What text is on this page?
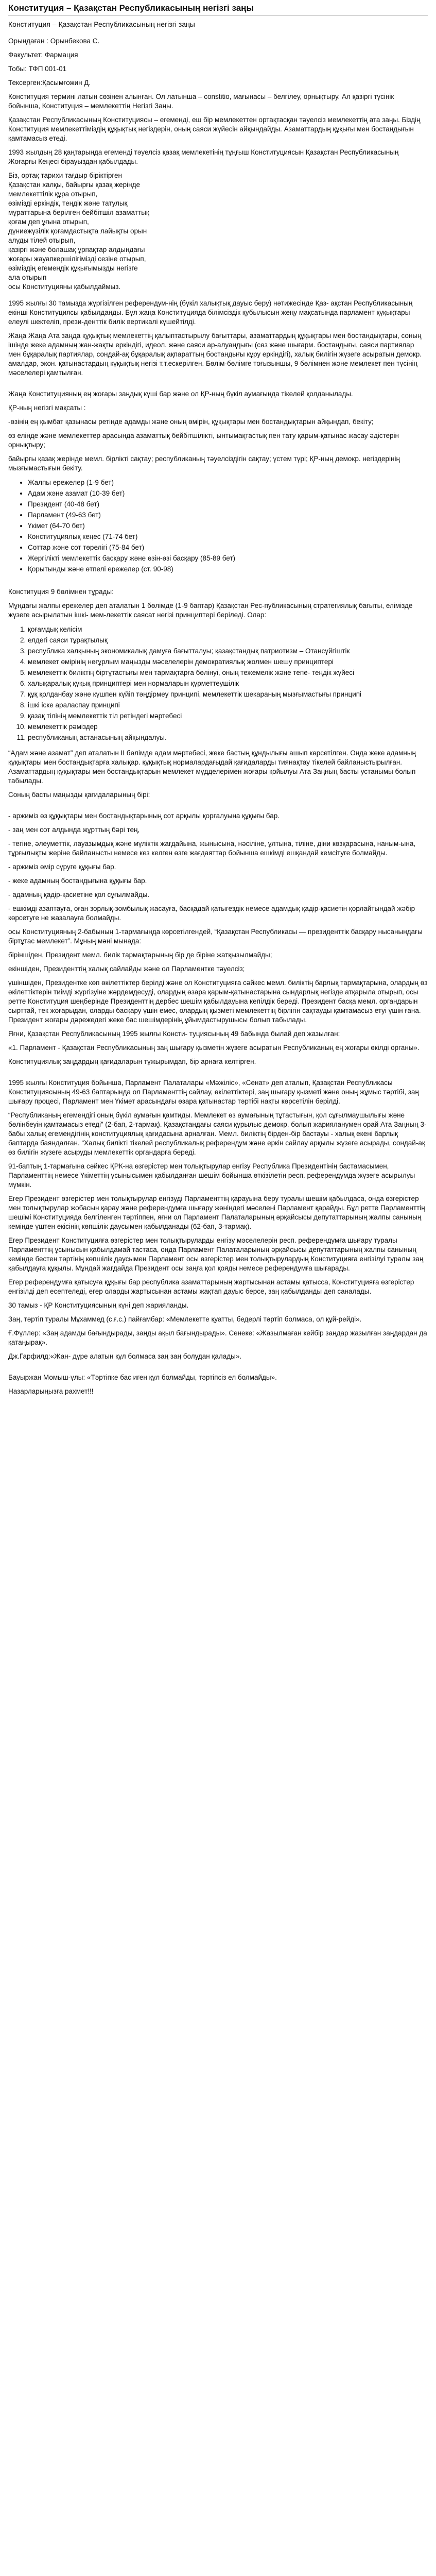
Конституция – Қазақстан Республикасының негізгі заңы
Конституция – Қазақстан Республикасының негізгі заңы

Орындаған : Орынбекова С.

Факультет: Фармация

Тобы: ТФП 001-01

Тексерген:Қасымғожин Д.

Конституция термині латын сөзінен алынған. Ол латынша – constitio, мағынасы – белгілеу, орнықтыру. Ал қазіргі түсінік бойынша, Конституция – мемлекеттің Негізгі Заңы.

Қазақстан Республикасының Конституциясы – егемендi, еш бiр мемлекеттен ортақтасқан тәуелсiз мемлекеттiң ата заңы. Бiздiң Конституция мемлекеттiмiздiң құқықтық негiздерiн, оның саяси жүйесiн айқындайды. Азаматтардың құқығы мен бостандығын қамтамасыз етедi.

1993 жылдың 28 қаңтарында егеменді тәуелсіз қазақ мемлекетінің тұңғыш Конституциясын Қазақстан Республикасының Жоғарғы Кеңесі бірауыздан қабылдады.

Біз, ортақ тарихи тағдыр біріктірген

Қазақстан халқы, байырғы қазақ жерінде

мемлекеттілік құра отырып,

өзімізді еркіндік, теңдік және татулық

мұраттарына берілген бейбітшіл азаматтық

қоғам деп ұғына отырып,

дүниежүзілік қоғамдастықта лайықты орын

алуды тілей отырып,

қазіргі және болашақ ұрпақтар алдындағы

жоғары жауапкершілігімізді сезіне отырып,

өзіміздің егемендік құқығымызды негізге

ала отырып

осы Конституцияны қабылдаймыз.

1995 жылғы 30 тамызда жүргізілген референдум-нің (бүкіл халықтық дауыс беру) нәтижесінде Қаз- ақстан Республикасының екінші Конституциясы қабылданды. Бұл жаңа Конституцияда білімсіздік қубылысын жеңу мақсатында парламент құқықтары елеулі шектеліп, прези-денттік билік вертикалі күшейтілді.

Жаңа Жаңа Ата заңда құқықтық мемлекеттің қалыптастырылу бағыттары, азаматтардың құқықтары мен бостандықтары, соның ішінде жеке адамның жан-жақты еркіндігі, идеол. және саяси ар-алуандығы (сөз және шығарм. бостандығы, саяси партиялар мен бұқаралық партиялар, сондай-ақ бұқаралық ақпараттың бостандығы кұру еркіндігі), халық билігін жүзеге асыратын демокр. амалдар, экон. қатынастардың кұқықтық негізі т.т.ескерілген. Бөлім-бөлімге тоғызыншы, 9 бөлімнен және мемлекет пен түсінің мәселелері қамтылған.

Жаңа Конституцияның ең жоғары заңдық күші бар және ол ҚР-ның бүкіл аумағында тікелей қолданылады.

ҚР-ның негізгі мақсаты :

-өзінің ең қымбат қазынасы ретінде адамды және оның өмірін, құқықтары мен бостандықтарын айқындап, бекіту;

өз елінде және мемлекеттер арасында азаматтық бейбітшілікті, ынтымақтастық пен тату қарым-қатынас жасау әдістерін орнықтыру;

байырғы қазақ жерінде мемл. бірлікті сақтау; республиканың тәуелсіздігін сақтау; үстем түрі; ҚР-ның демокр. негіздерінің мызғымастығын бекіту.

• Жалпы ережелер (1-9 бет)
• Адам және азамат (10-39 бет)
• Президент (40-48 бет)
• Парламент (49-63 бет)
• Үкімет (64-70 бет)
• Конституциялық кеңес (71-74 бет)
• Соттар және сот төрелігі (75-84 бет)
• Жергілікті мемлекеттік басқару және өзін-өзі басқару (85-89 бет)
• Қорытынды және өтпелі ережелер (ст. 90-98)

Конституция 9 бөлімнен тұрады:

Мұндағы жалпы ережелер деп аталатын 1 бөлімде (1-9 баптар) Қазақстан Рес-публикасының стратегиялық бағыты, елімізде жүзеге асырылатын ішкі- мем-лекеттік саясат негізі принциптері беріледі. Олар:

1. қоғамдық келісім
2. елдегі саяси тұрақтылық
3. республика халқының экономикалық дамуға бағытталуы; қазақстандық патриотизм – Отансүйгіштік
4. мемлекет өмірінің неғұрлым маңызды мәселелерін демократиялық жолмен шешу принциптері
5. мемлекеттік биліктің біртұтастығы мен тармақтарға бөлінуі, оның тежемелік және тепе- теңдік жүйесі
6. халықаралық құқық принциптері мен нормаларын құрметтеушілік
7. құқ қолданбау және күшпен күйіп тәңдірмеу принципі, мемлекеттік шекараның мызғымастығы принципі
8. ішкі іске араласпау принципі
9. қазақ тілінің мемлекеттік тіл ретіндегі мәртебесі
10. мемлекеттік рәміздер
11. республиканың астанасының айқындалуы.

“Адам және азамат” деп аталатын II бөлімде адам мәртебесі, жеке бастың құндылығы ашып көрсетілген. Онда жеке адамның құқықтары мен бостандықтарға халықар. құқықтық нормалардағыдай қағидаларды тиянақтау тікелей байланыстырылған. Азаматтардың құқықтары мен бостандықтарын мемлекет мүдделерімен жоғары қойылуы Ата Заңның басты устанымы болып табылады.

Соның басты маңызды қағидаларының бірі:

- аржиміз өз құқықтары мен бостандықтарының сот арқылы қорғалуына құқығы бар.

- заң мен сот алдында жұрттың бәрі тең,

- тегіне, әлеуметтік, лауазымдық және мүліктік жағдайына, жынысына, нәсіліне, ұлтына, тіліне, діни көзқарасына, наным-ына, тұрғылықты жеріне байланысты немесе кез келген өзге жағдаяттар бойынша ешкімді ешқандай кемсітуге болмайды.

- аржиміз өмір сүруге құқығы бар.

- жеке адамның бостандығына құқығы бар.

- адамның қадір-қасиетіне қол сұғылмайды.

- ешкімді азаптауға, оған зорлық-зомбылық жасауға, басқадай қатыгездік немесе адамдық қадір-қасиетін қорлайтындай жәбір көрсетуге не жазалауға болмайды.

осы Конституцияның 2-бабының 1-тармағында көрсетілгендей, “Қазақстан Республикасы — президенттік басқару нысанындағы біртұтас мемлекет”. Мұның мәні мынада:

біріншіден, Президент мемл. билік тармақтарының бір де біріне жатқызылмайды;

екіншіден, Президенттің халық сайлайды және ол Парламентке тәуелсіз;

үшіншіден, Президентке көп өкілеттіктер берілді және ол Конституцияға сәйкес мемл. биліктің барлық тармақтарына, олардың өз өкілеттіктерін тиімді жүргізуіне жәрдемдесуді, олардың өзара қарым-қатынастарына сындарлық негізде атқарыла отырып, осы ретте Конституция шеңберінде Президенттің дербес шешім қабылдауына кепілдік береді. Президент басқа мемл. органдарын сырттай, тек жоғарыдан, оларды басқару үшін емес, олардың қызметі мемлекеттің бірлігін сақтауды қамтамасыз етуі үшін ғана. Президент жоғары дәрежедегі жеке бас шешімдерінің ұйымдастырушысы болып табылады.

Яғни, Қазақстан Республикасының 1995 жылғы Консти- туциясының 49 бабында былай деп жазылған:

«1. Парламент - Қазақстан Республикасының заң шығару қызметін жүзеге асыратын Республиканың ең жоғары өкілді органы».

Конституциялық заңдардың қағидаларын тұжырымдап, бір арнаға келтірген.

1995 жылғы Конституция бойынша, Парламент Палаталары «Мәжіліс», «Сенат» деп аталып, Қазақстан Республикасы Конституциясының 49-63 баптарында ол Парламенттің сайлау, өкілеттіктері, заң шығару қызметі және оның жұмыс тәртібі, заң шығару процесі, Парламент мен Үкімет арасындағы өзара қатынастар тәртібі нақты көрсетілін берілді.

“Республиканың егемендігі оның бүкіл аумағын қамтиды. Мемлекет өз аумағының тұтастығын, қол сұғылмаушылығы және бөлінбеуін қамтамасыз етеді” (2-бап, 2-тармақ). Қазақстандағы саяси құрылыс демокр. болып жарияланумен орай Ата Заңның 3-бабы халық егемендігінің конституциялық қағидасына арналған. Мемл. биліктің бірден-бір бастауы - халық екені барлық баптарда баяндалған. “Халық билікті тікелей республикалық референдум және еркін сайлау арқылы жүзеге асырады, сондай-ақ өз билігін жүзеге асыруды мемлекеттік органдарға береді.

91-баптың 1-тармағына сәйкес ҚРК-на өзгерістер мен толықтырулар енгізу Республика Президентінің бастамасымен, Парламенттің немесе Үкіметтің ұсынысымен қабылданған шешім бойынша өткізілетін респ. референдумда жүзеге асырылуы мүмкін.

Егер Президент өзгерістер мен толықтырулар енгізуді Парламенттің қарауына беру туралы шешім қабылдаса, онда өзгерістер мен толықтырулар жобасын қарау және референдумға шығару жөніндегі мәселені Парламент қарайды. Бұл ретте Парламенттің шешімі Конституцияда белгіленген тәртіппен, яғни ол Парламент Палаталарының әрқайсысы депутаттарының жалпы санының кемінде үштен екісінің көпшілік даусымен қабылданады (62-бап, 3-тармақ).

Егер Президент Конституцияға өзгерістер мен толықтыруларды енгізу мәселелерін респ. референдумға шығару туралы Парламенттің ұсынысын қабылдамай тастаса, онда Парламент Палаталарының әрқайсысы депутаттарының жалпы санының кемінде бестен төртінің көпшілік даусымен Парламент осы өзгерістер мен толықтырулардың Конституцияға енгізілуі туралы заң қабылдауға құқылы. Мұндай жағдайда Президент осы заңға қол қояды немесе референдумға шығарады.

Егер референдумға қатысуға құқығы бар республика азаматтарының жартысынан астамы қатысса, Конституцияға өзгерістер енгізілді деп есептеледі, егер оларды жартысынан астамы жақтап дауыс берсе, заң қабылданды деп саналады.

30 тамыз - ҚР Конституциясының күні деп жарияланды.

Заң, тәртіп туралы Мұхаммед (с.ғ.с.) пайғамбар: «Мемлекетте қуатты, бедерлі тәртіп болмаса, ол құй-рейді».

Ғ.Фүллер: «Заң адамды бағындырады, заңды ақыл бағындырады». Сенеке: «Жазылмаған кейбір заңдар жазылған заңдардан да қатаңырақ».

Дж.Гарфилд:«Жан- дүре алатын құл болмаса заң заң болудан қалады».

Бауыржан Момыш-ұлы: «Тәртіпке бас иген құл болмайды, тәртіпсіз ел болмайды».

Назарларыңызға рахмет!!!
